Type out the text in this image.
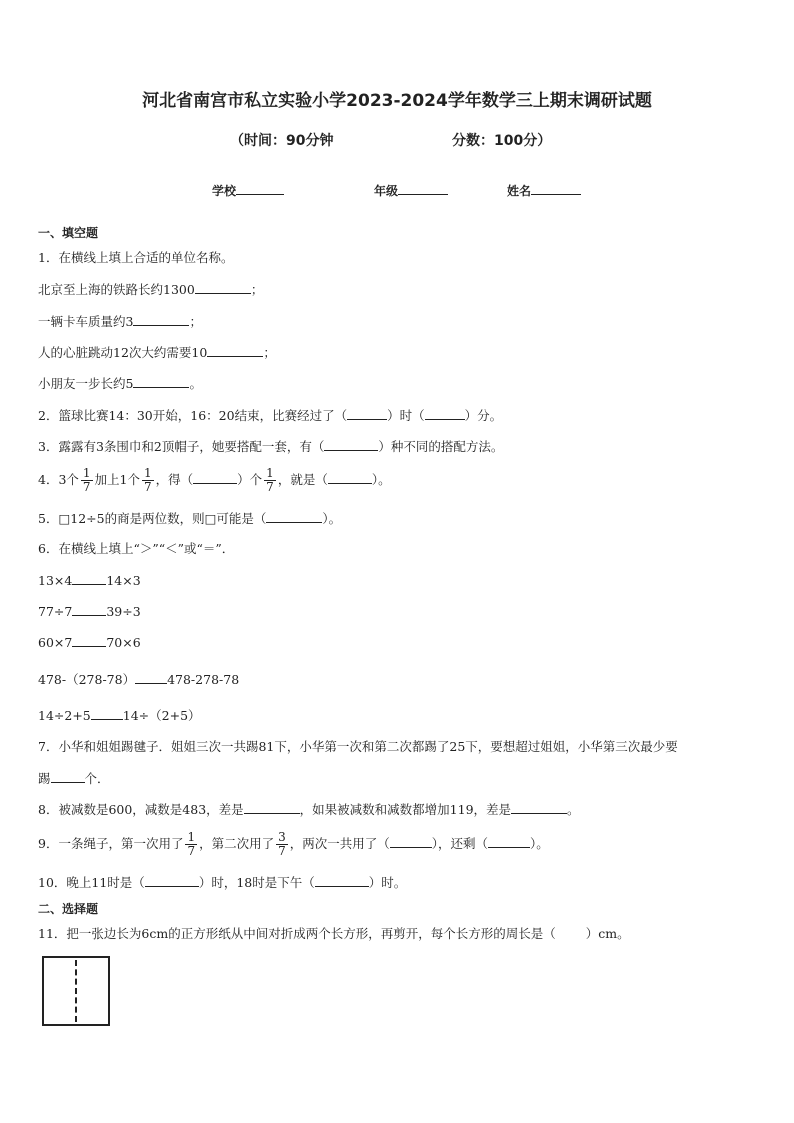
河北省南宫市私立实验小学2023-2024学年数学三上期末调研试题
（时间：90分钟	分数：100分）
学校	年级	姓名
一、填空题
1．在横线上填上合适的单位名称。
北京至上海的铁路长约1300	；
一辆卡车质量约3	；
人的心脏跳动12次大约需要10	；
小朋友一步长约5	。
2．篮球比赛14：30开始，16：20结束，比赛经过了（	）时（	）分。
3．露露有3条围巾和2顶帽子，她要搭配一套，有（	）种不同的搭配方法。
4．3个 $\frac{1}{7}$ 加上1个 $\frac{1}{7}$ ，得（	）个 $\frac{1}{7}$ ，就是（	）。
5．□12÷5的商是两位数，则□可能是（	）。
6．在横线上填上“＞”“＜”或“＝”．
13×4	14×3
77÷7	39÷3
60×7	70×6
478-（278-78）	478-278-78
14÷2+5	14÷（2+5）
7．小华和姐姐踢毽子．姐姐三次一共踢81下，小华第一次和第二次都踢了25下，要想超过姐姐，小华第三次最少要
踢	个．
8．被减数是600，减数是483，差是	，如果被减数和减数都增加119，差是	。
9．一条绳子，第一次用了 $\frac{1}{7}$ ，第二次用了 $\frac{3}{7}$ ，两次一共用了（	），还剩（	）。
10．晚上11时是（	）时，18时是下午（	）时。
二、选择题
11．把一张边长为6cm的正方形纸从中间对折成两个长方形，再剪开，每个长方形的周长是（ ）cm。
